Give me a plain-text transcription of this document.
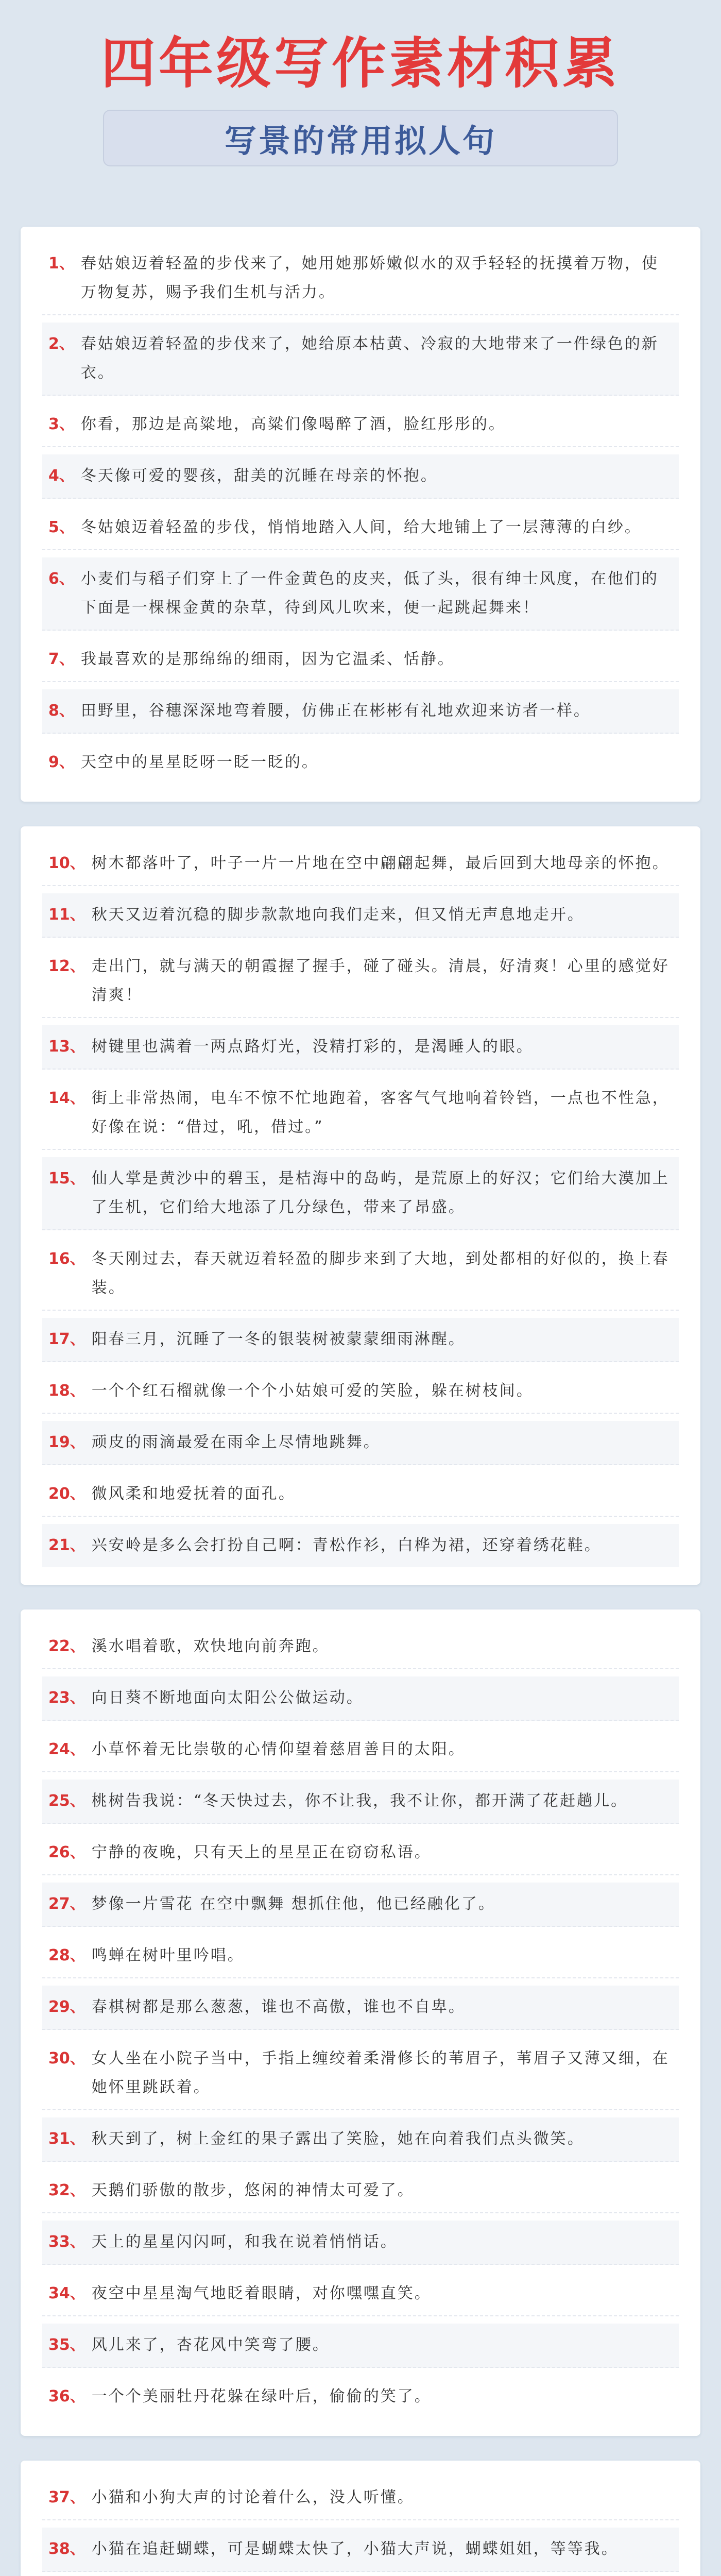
四年级写作素材积累
写景的常用拟人句
1、 春姑娘迈着轻盈的步伐来了，她用她那娇嫩似水的双手轻轻的抚摸着万物，使万物复苏，赐予我们生机与活力。
2、 春姑娘迈着轻盈的步伐来了，她给原本枯黄、冷寂的大地带来了一件绿色的新衣。
3、 你看，那边是高粱地，高粱们像喝醉了酒，脸红彤彤的。
4、 冬天像可爱的婴孩，甜美的沉睡在母亲的怀抱。
5、 冬姑娘迈着轻盈的步伐，悄悄地踏入人间，给大地铺上了一层薄薄的白纱。
6、 小麦们与稻子们穿上了一件金黄色的皮夹，低了头，很有绅士风度，在他们的下面是一棵棵金黄的杂草，待到风儿吹来，便一起跳起舞来！
7、 我最喜欢的是那绵绵的细雨，因为它温柔、恬静。
8、 田野里，谷穗深深地弯着腰，仿佛正在彬彬有礼地欢迎来访者一样。
9、 天空中的星星眨呀一眨一眨的。
10、 树木都落叶了，叶子一片一片地在空中翩翩起舞，最后回到大地母亲的怀抱。
11、 秋天又迈着沉稳的脚步款款地向我们走来，但又悄无声息地走开。
12、 走出门，就与满天的朝霞握了握手，碰了碰头。清晨，好清爽！心里的感觉好清爽！
13、 树键里也满着一两点路灯光，没精打彩的，是渴睡人的眼。
14、 街上非常热闹，电车不惊不忙地跑着，客客气气地响着铃铛，一点也不性急，好像在说：“借过，吼，借过。”
15、 仙人掌是黄沙中的碧玉，是桔海中的岛屿，是荒原上的好汉；它们给大漠加上了生机，它们给大地添了几分绿色，带来了昂盛。
16、 冬天刚过去，春天就迈着轻盈的脚步来到了大地，到处都相的好似的，换上春装。
17、 阳春三月，沉睡了一冬的银装树被蒙蒙细雨淋醒。
18、 一个个红石榴就像一个个小姑娘可爱的笑脸，躲在树枝间。
19、 顽皮的雨滴最爱在雨伞上尽情地跳舞。
20、 微风柔和地爱抚着的面孔。
21、 兴安岭是多么会打扮自己啊：青松作衫，白桦为裙，还穿着绣花鞋。
22、 溪水唱着歌，欢快地向前奔跑。
23、 向日葵不断地面向太阳公公做运动。
24、 小草怀着无比崇敬的心情仰望着慈眉善目的太阳。
25、 桃树告我说：“冬天快过去，你不让我，我不让你，都开满了花赶趟儿。
26、 宁静的夜晚，只有天上的星星正在窃窃私语。
27、 梦像一片雪花 在空中飘舞 想抓住他，他已经融化了。
28、 鸣蝉在树叶里吟唱。
29、 春棋树都是那么葱葱，谁也不高傲，谁也不自卑。
30、 女人坐在小院子当中，手指上缠绞着柔滑修长的苇眉子，苇眉子又薄又细，在她怀里跳跃着。
31、 秋天到了，树上金红的果子露出了笑脸，她在向着我们点头微笑。
32、 天鹅们骄傲的散步，悠闲的神情太可爱了。
33、 天上的星星闪闪呵，和我在说着悄悄话。
34、 夜空中星星淘气地眨着眼睛，对你嘿嘿直笑。
35、 风儿来了，杏花风中笑弯了腰。
36、 一个个美丽牡丹花躲在绿叶后，偷偷的笑了。
37、 小猫和小狗大声的讨论着什么，没人听懂。
38、 小猫在追赶蝴蝶，可是蝴蝶太快了，小猫大声说，蝴蝶姐姐，等等我。
